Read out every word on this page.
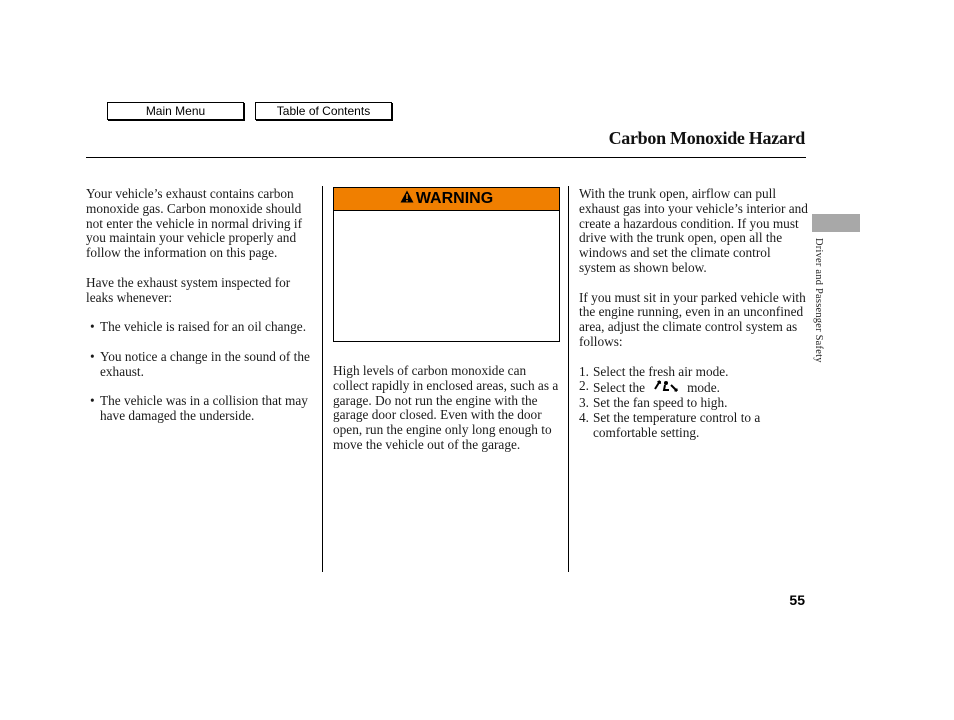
Main Menu	Table of Contents
Carbon Monoxide Hazard

Your vehicle’s exhaust contains carbon monoxide gas. Carbon monoxide should not enter the vehicle in normal driving if you maintain your vehicle properly and follow the information on this page.

Have the exhaust system inspected for leaks whenever:

• The vehicle is raised for an oil change.
• You notice a change in the sound of the exhaust.
• The vehicle was in a collision that may have damaged the underside.
WARNING

High levels of carbon monoxide can collect rapidly in enclosed areas, such as a garage. Do not run the engine with the garage door closed. Even with the door open, run the engine only long enough to move the vehicle out of the garage.

With the trunk open, airflow can pull exhaust gas into your vehicle’s interior and create a hazardous condition. If you must drive with the trunk open, open all the windows and set the climate control system as shown below.

If you must sit in your parked vehicle with the engine running, even in an unconfined area, adjust the climate control system as follows:

1. Select the fresh air mode.
2. Select the	mode.
3. Set the fan speed to high.
4. Set the temperature control to a comfortable setting.
Driver and Passenger Safety
55
